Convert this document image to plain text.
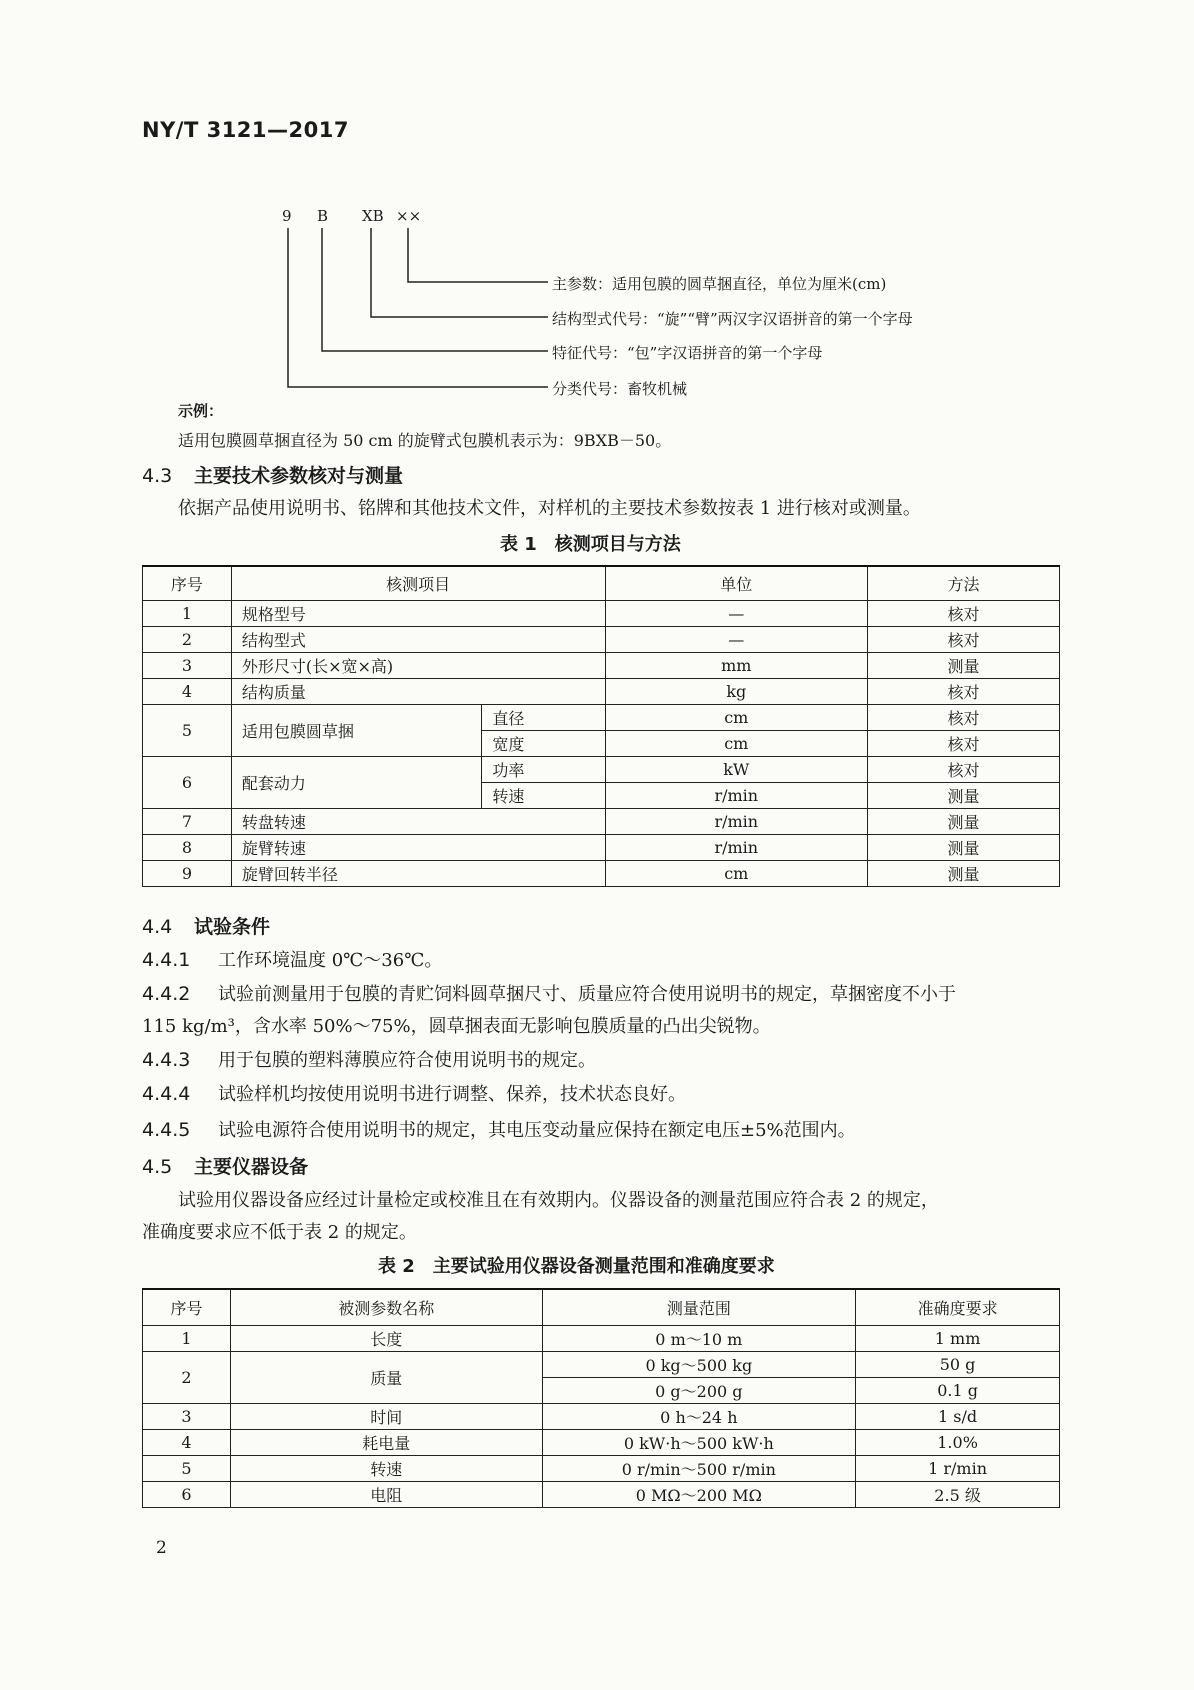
NY/T 3121—2017
9 B XB ××
主参数：适用包膜的圆草捆直径，单位为厘米(cm)
结构型式代号：“旋”“臂”两汉字汉语拼音的第一个字母
特征代号：“包”字汉语拼音的第一个字母
分类代号：畜牧机械
示例：
适用包膜圆草捆直径为 50 cm 的旋臂式包膜机表示为：9BXB－50。
4.3 主要技术参数核对与测量
依据产品使用说明书、铭牌和其他技术文件，对样机的主要技术参数按表 1 进行核对或测量。
表 1　核测项目与方法
序号	核测项目		单位	方法
1	规格型号		—	核对
2	结构型式		—	核对
3	外形尺寸(长×宽×高)		mm	测量
4	结构质量		kg	核对
5	适用包膜圆草捆	直径	cm	核对
		宽度	cm	核对
6	配套动力	功率	kW	核对
		转速	r/min	测量
7	转盘转速		r/min	测量
8	旋臂转速		r/min	测量
9	旋臂回转半径		cm	测量
4.4 试验条件
4.4.1 工作环境温度 0℃～36℃。
4.4.2 试验前测量用于包膜的青贮饲料圆草捆尺寸、质量应符合使用说明书的规定，草捆密度不小于
115 kg/m³，含水率 50%～75%，圆草捆表面无影响包膜质量的凸出尖锐物。
4.4.3 用于包膜的塑料薄膜应符合使用说明书的规定。
4.4.4 试验样机均按使用说明书进行调整、保养，技术状态良好。
4.4.5 试验电源符合使用说明书的规定，其电压变动量应保持在额定电压±5%范围内。
4.5 主要仪器设备
试验用仪器设备应经过计量检定或校准且在有效期内。仪器设备的测量范围应符合表 2 的规定，
准确度要求应不低于表 2 的规定。
表 2　主要试验用仪器设备测量范围和准确度要求
序号	被测参数名称	测量范围	准确度要求
1	长度	0 m～10 m	1 mm
2	质量	0 kg～500 kg	50 g
		0 g～200 g	0.1 g
3	时间	0 h～24 h	1 s/d
4	耗电量	0 kW·h～500 kW·h	1.0%
5	转速	0 r/min～500 r/min	1 r/min
6	电阻	0 MΩ～200 MΩ	2.5 级
2
